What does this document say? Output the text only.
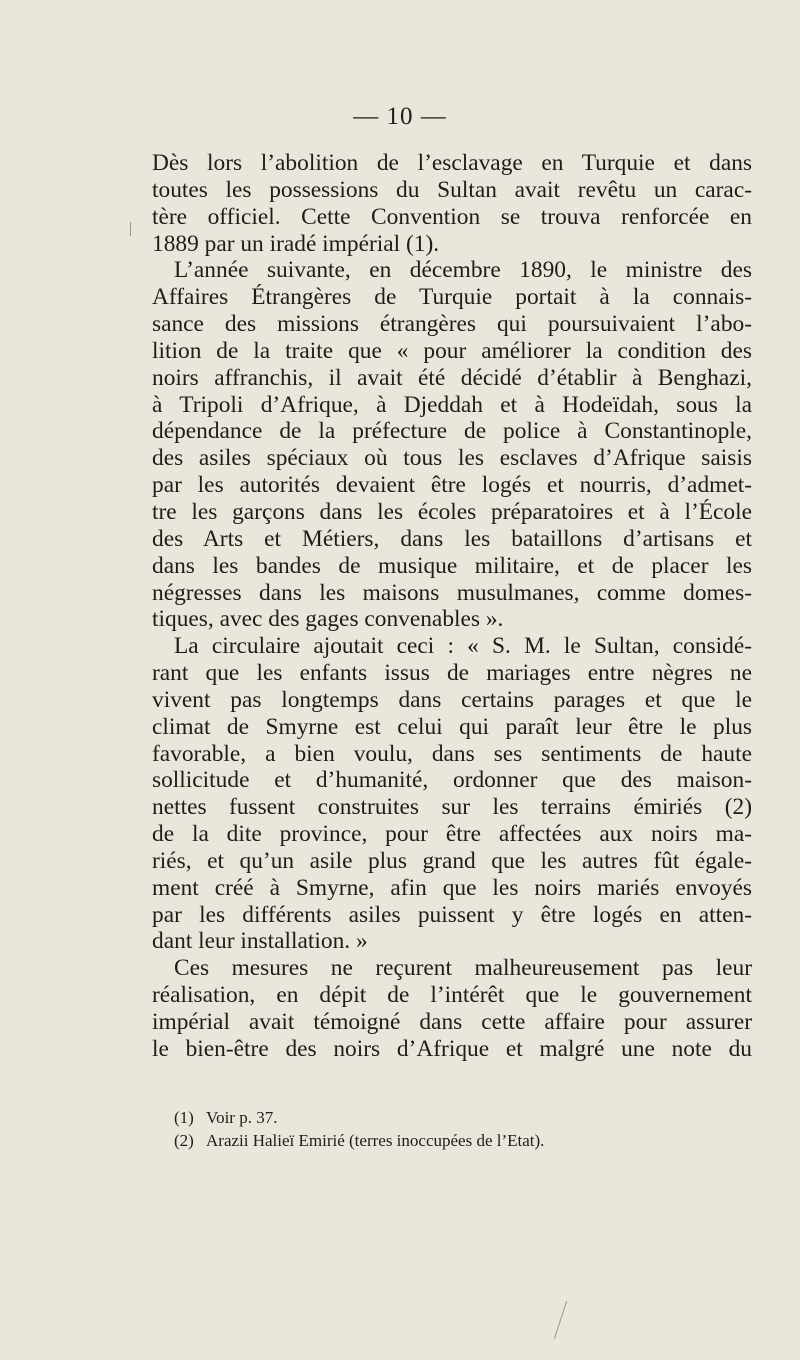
— 10 —
Dès lors l’abolition de l’esclavage en Turquie et dans
toutes les possessions du Sultan avait revêtu un carac-
tère officiel. Cette Convention se trouva renforcée en
1889 par un iradé impérial (1).
L’année suivante, en décembre 1890, le ministre des
Affaires Étrangères de Turquie portait à la connais-
sance des missions étrangères qui poursuivaient l’abo-
lition de la traite que « pour améliorer la condition des
noirs affranchis, il avait été décidé d’établir à Benghazi,
à Tripoli d’Afrique, à Djeddah et à Hodeïdah, sous la
dépendance de la préfecture de police à Constantinople,
des asiles spéciaux où tous les esclaves d’Afrique saisis
par les autorités devaient être logés et nourris, d’admet-
tre les garçons dans les écoles préparatoires et à l’École
des Arts et Métiers, dans les bataillons d’artisans et
dans les bandes de musique militaire, et de placer les
négresses dans les maisons musulmanes, comme domes-
tiques, avec des gages convenables ».
La circulaire ajoutait ceci : « S. M. le Sultan, considé-
rant que les enfants issus de mariages entre nègres ne
vivent pas longtemps dans certains parages et que le
climat de Smyrne est celui qui paraît leur être le plus
favorable, a bien voulu, dans ses sentiments de haute
sollicitude et d’humanité, ordonner que des maison-
nettes fussent construites sur les terrains émiriés (2)
de la dite province, pour être affectées aux noirs ma-
riés, et qu’un asile plus grand que les autres fût égale-
ment créé à Smyrne, afin que les noirs mariés envoyés
par les différents asiles puissent y être logés en atten-
dant leur installation. »
Ces mesures ne reçurent malheureusement pas leur
réalisation, en dépit de l’intérêt que le gouvernement
impérial avait témoigné dans cette affaire pour assurer
le bien-être des noirs d’Afrique et malgré une note du
(1) Voir p. 37.
(2) Arazii Halieï Emirié (terres inoccupées de l’Etat).
